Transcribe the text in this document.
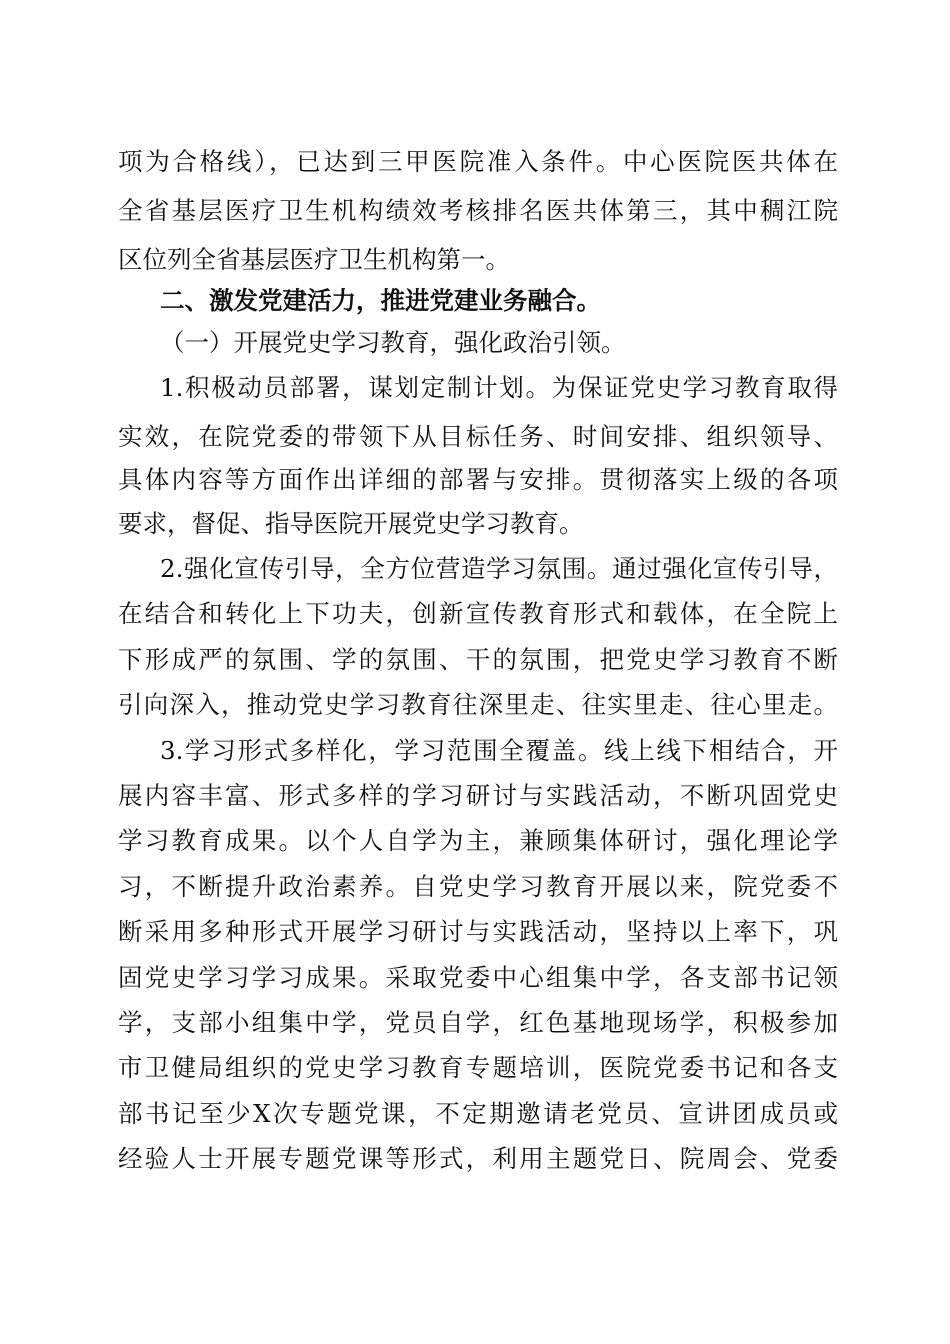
项为合格线），已达到三甲医院准入条件。中心医院医共体在
全省基层医疗卫生机构绩效考核排名医共体第三，其中稠江院
区位列全省基层医疗卫生机构第一。
二、激发党建活力，推进党建业务融合。
（一）开展党史学习教育，强化政治引领。
1.积极动员部署，谋划定制计划。为保证党史学习教育取得
实效，在院党委的带领下从目标任务、时间安排、组织领导、
具体内容等方面作出详细的部署与安排。贯彻落实上级的各项
要求，督促、指导医院开展党史学习教育。
2.强化宣传引导，全方位营造学习氛围。通过强化宣传引导，
在结合和转化上下功夫，创新宣传教育形式和载体，在全院上
下形成严的氛围、学的氛围、干的氛围，把党史学习教育不断
引向深入，推动党史学习教育往深里走、往实里走、往心里走。
3.学习形式多样化，学习范围全覆盖。线上线下相结合，开
展内容丰富、形式多样的学习研讨与实践活动，不断巩固党史
学习教育成果。以个人自学为主，兼顾集体研讨，强化理论学
习，不断提升政治素养。自党史学习教育开展以来，院党委不
断采用多种形式开展学习研讨与实践活动，坚持以上率下，巩
固党史学习学习成果。采取党委中心组集中学，各支部书记领
学，支部小组集中学，党员自学，红色基地现场学，积极参加
市卫健局组织的党史学习教育专题培训，医院党委书记和各支
部书记至少X次专题党课，不定期邀请老党员、宣讲团成员或
经验人士开展专题党课等形式，利用主题党日、院周会、党委
